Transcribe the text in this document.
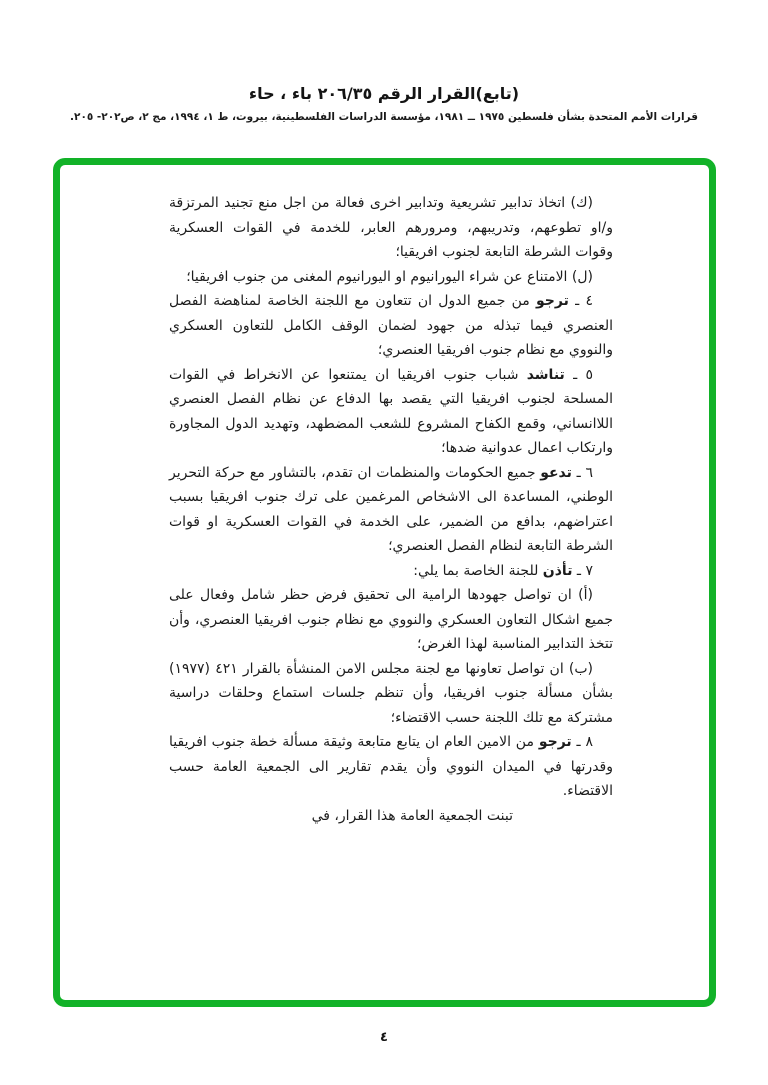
(تابع)القرار الرقم ٢٠٦/٣٥ باء ، حاء
قرارات الأمم المتحدة بشأن فلسطين ١٩٧٥ ــ ١٩٨١، مؤسسة الدراسات الفلسطينية، بيروت، ط ١، ١٩٩٤، مج ٢، ص٢٠٢- ٢٠٥.

(ك) اتخاذ تدابير تشريعية وتدابير اخرى فعالة من اجل منع تجنيد المرتزقة و/او تطوعهم، وتدريبهم، ومرورهم العابر، للخدمة في القوات العسكرية وقوات الشرطة التابعة لجنوب افريقيا؛

(ل) الامتناع عن شراء اليورانيوم او اليورانيوم المغنى من جنوب افريقيا؛

٤ ـ ترجو من جميع الدول ان تتعاون مع اللجنة الخاصة لمناهضة الفصل العنصري فيما تبذله من جهود لضمان الوقف الكامل للتعاون العسكري والنووي مع نظام جنوب افريقيا العنصري؛

٥ ـ تناشد شباب جنوب افريقيا ان يمتنعوا عن الانخراط في القوات المسلحة لجنوب افريقيا التي يقصد بها الدفاع عن نظام الفصل العنصري اللاانساني، وقمع الكفاح المشروع للشعب المضطهد، وتهديد الدول المجاورة وارتكاب اعمال عدوانية ضدها؛

٦ ـ تدعو جميع الحكومات والمنظمات ان تقدم، بالتشاور مع حركة التحرير الوطني، المساعدة الى الاشخاص المرغمين على ترك جنوب افريقيا بسبب اعتراضهم، بدافع من الضمير، على الخدمة في القوات العسكرية او قوات الشرطة التابعة لنظام الفصل العنصري؛

٧ ـ تأذن للجنة الخاصة بما يلي:

(أ) ان تواصل جهودها الرامية الى تحقيق فرض حظر شامل وفعال على جميع اشكال التعاون العسكري والنووي مع نظام جنوب افريقيا العنصري، وأن تتخذ التدابير المناسبة لهذا الغرض؛

(ب) ان تواصل تعاونها مع لجنة مجلس الامن المنشأة بالقرار ٤٢١ (١٩٧٧) بشأن مسألة جنوب افريقيا، وأن تنظم جلسات استماع وحلقات دراسية مشتركة مع تلك اللجنة حسب الاقتضاء؛

٨ ـ ترجو من الامين العام ان يتابع متابعة وثيقة مسألة خطة جنوب افريقيا وقدرتها في الميدان النووي وأن يقدم تقارير الى الجمعية العامة حسب الاقتضاء.

تبنت الجمعية العامة هذا القرار، في

٤
